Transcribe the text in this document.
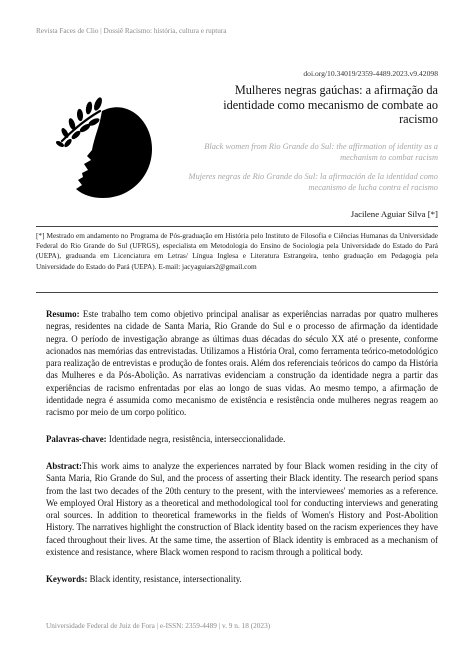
Revista Faces de Clio | Dossiê Racismo: história, cultura e ruptura
doi.org/10.34019/2359-4489.2023.v9.42098
Mulheres negras gaúchas: a afirmação da identidade como mecanismo de combate ao racismo
Black women from Rio Grande do Sul: the affirmation of identity as a mechanism to combat racism
Mujeres negras de Rio Grande do Sul: la afirmación de la identidad como mecanismo de lucha contra el racismo
Jacilene Aguiar Silva [*]
[*] Mestrado em andamento no Programa de Pós-graduação em História pelo Instituto de Filosofia e Ciências Humanas da Universidade Federal do Rio Grande do Sul (UFRGS), especialista em Metodologia do Ensino de Sociologia pela Universidade do Estado do Pará (UEPA), graduanda em Licenciatura em Letras/ Língua Inglesa e Literatura Estrangeira, tenho graduação em Pedagogia pela Universidade do Estado do Pará (UEPA). E-mail: jacyaguiars2@gmail.com
Resumo: Este trabalho tem como objetivo principal analisar as experiências narradas por quatro mulheres negras, residentes na cidade de Santa Maria, Rio Grande do Sul e o processo de afirmação da identidade negra. O período de investigação abrange as últimas duas décadas do século XX até o presente, conforme acionados nas memórias das entrevistadas. Utilizamos a História Oral, como ferramenta teórico-metodológico para realização de entrevistas e produção de fontes orais. Além dos referenciais teóricos do campo da História das Mulheres e da Pós-Abolição. As narrativas evidenciam a construção da identidade negra a partir das experiências de racismo enfrentadas por elas ao longo de suas vidas. Ao mesmo tempo, a afirmação de identidade negra é assumida como mecanismo de existência e resistência onde mulheres negras reagem ao racismo por meio de um corpo político.
Palavras-chave: Identidade negra, resistência, interseccionalidade.
Abstract:This work aims to analyze the experiences narrated by four Black women residing in the city of Santa Maria, Rio Grande do Sul, and the process of asserting their Black identity. The research period spans from the last two decades of the 20th century to the present, with the interviewees' memories as a reference. We employed Oral History as a theoretical and methodological tool for conducting interviews and generating oral sources. In addition to theoretical frameworks in the fields of Women's History and Post-Abolition History. The narratives highlight the construction of Black identity based on the racism experiences they have faced throughout their lives. At the same time, the assertion of Black identity is embraced as a mechanism of existence and resistance, where Black women respond to racism through a political body.
Keywords: Black identity, resistance, intersectionality.
Universidade Federal de Juiz de Fora | e-ISSN: 2359-4489 | v. 9 n. 18 (2023)
